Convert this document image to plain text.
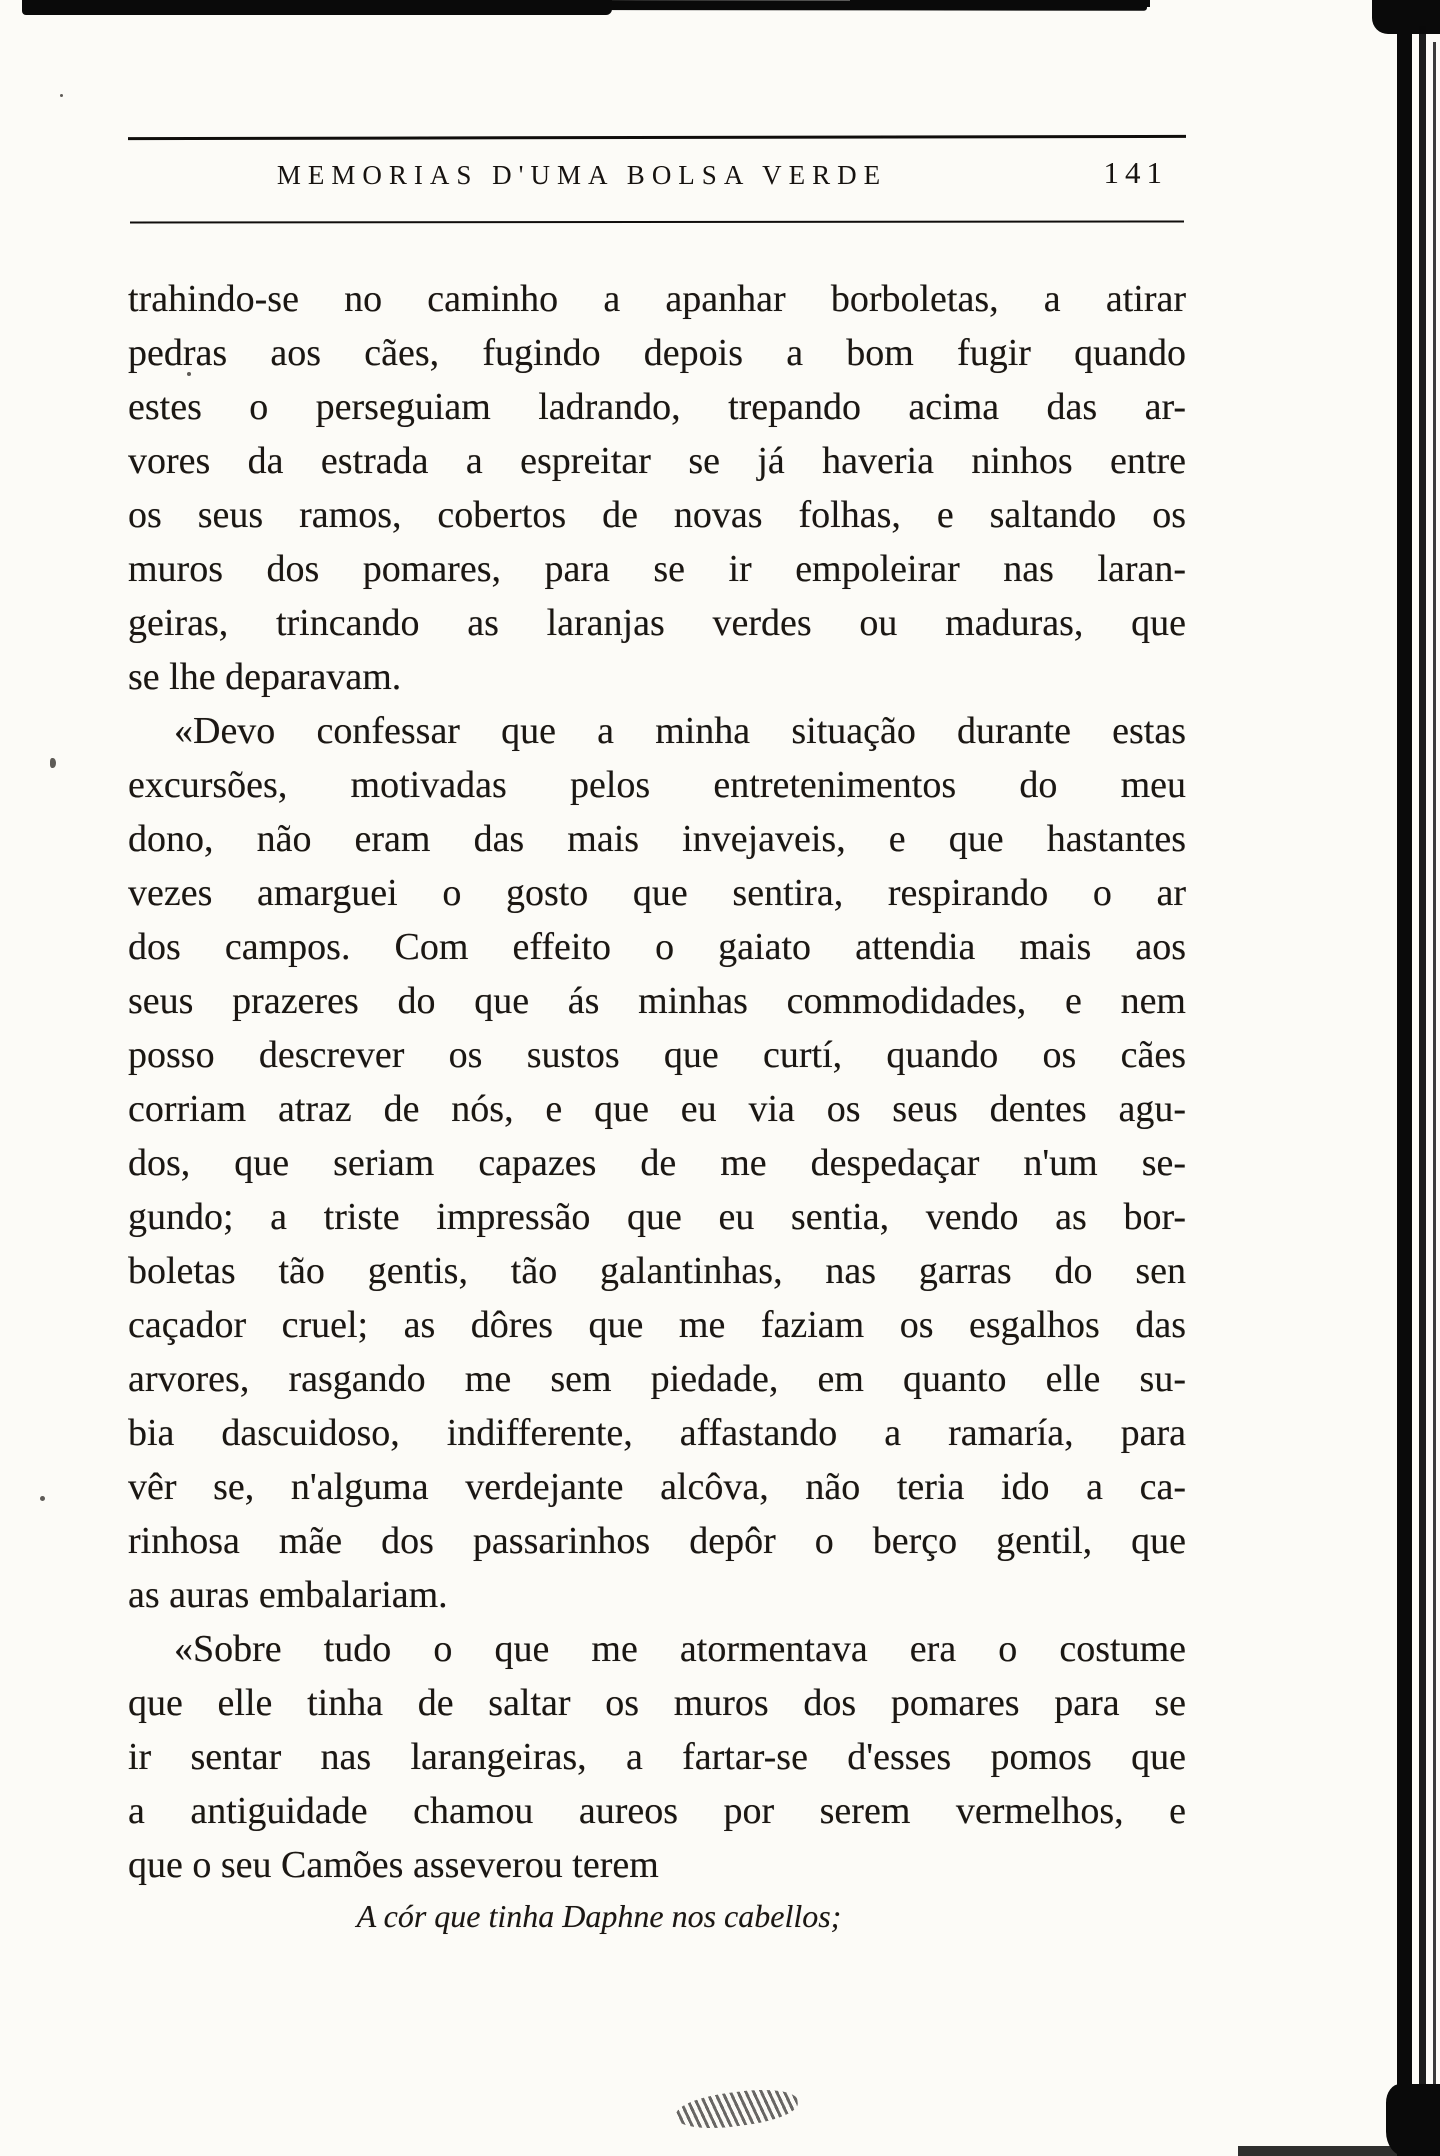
MEMORIAS D'UMA BOLSA VERDE	141
trahindo-se no caminho a apanhar borboletas, a atirar
pedras aos cães, fugindo depois a bom fugir quando
estes o perseguiam ladrando, trepando acima das ar-
vores da estrada a espreitar se já haveria ninhos entre
os seus ramos, cobertos de novas folhas, e saltando os
muros dos pomares, para se ir empoleirar nas laran-
geiras, trincando as laranjas verdes ou maduras, que
se lhe deparavam.
«Devo confessar que a minha situação durante estas
excursões, motivadas pelos entretenimentos do meu
dono, não eram das mais invejaveis, e que hastantes
vezes amarguei o gosto que sentira, respirando o ar
dos campos. Com effeito o gaiato attendia mais aos
seus prazeres do que ás minhas commodidades, e nem
posso descrever os sustos que curtí, quando os cães
corriam atraz de nós, e que eu via os seus dentes agu-
dos, que seriam capazes de me despedaçar n'um se-
gundo; a triste impressão que eu sentia, vendo as bor-
boletas tão gentis, tão galantinhas, nas garras do sen
caçador cruel; as dôres que me faziam os esgalhos das
arvores, rasgando me sem piedade, em quanto elle su-
bia dascuidoso, indifferente, affastando a ramaría, para
vêr se, n'alguma verdejante alcôva, não teria ido a ca-
rinhosa mãe dos passarinhos depôr o berço gentil, que
as auras embalariam.
«Sobre tudo o que me atormentava era o costume
que elle tinha de saltar os muros dos pomares para se
ir sentar nas larangeiras, a fartar-se d'esses pomos que
a antiguidade chamou aureos por serem vermelhos, e
que o seu Camões asseverou terem
A cór que tinha Daphne nos cabellos;
